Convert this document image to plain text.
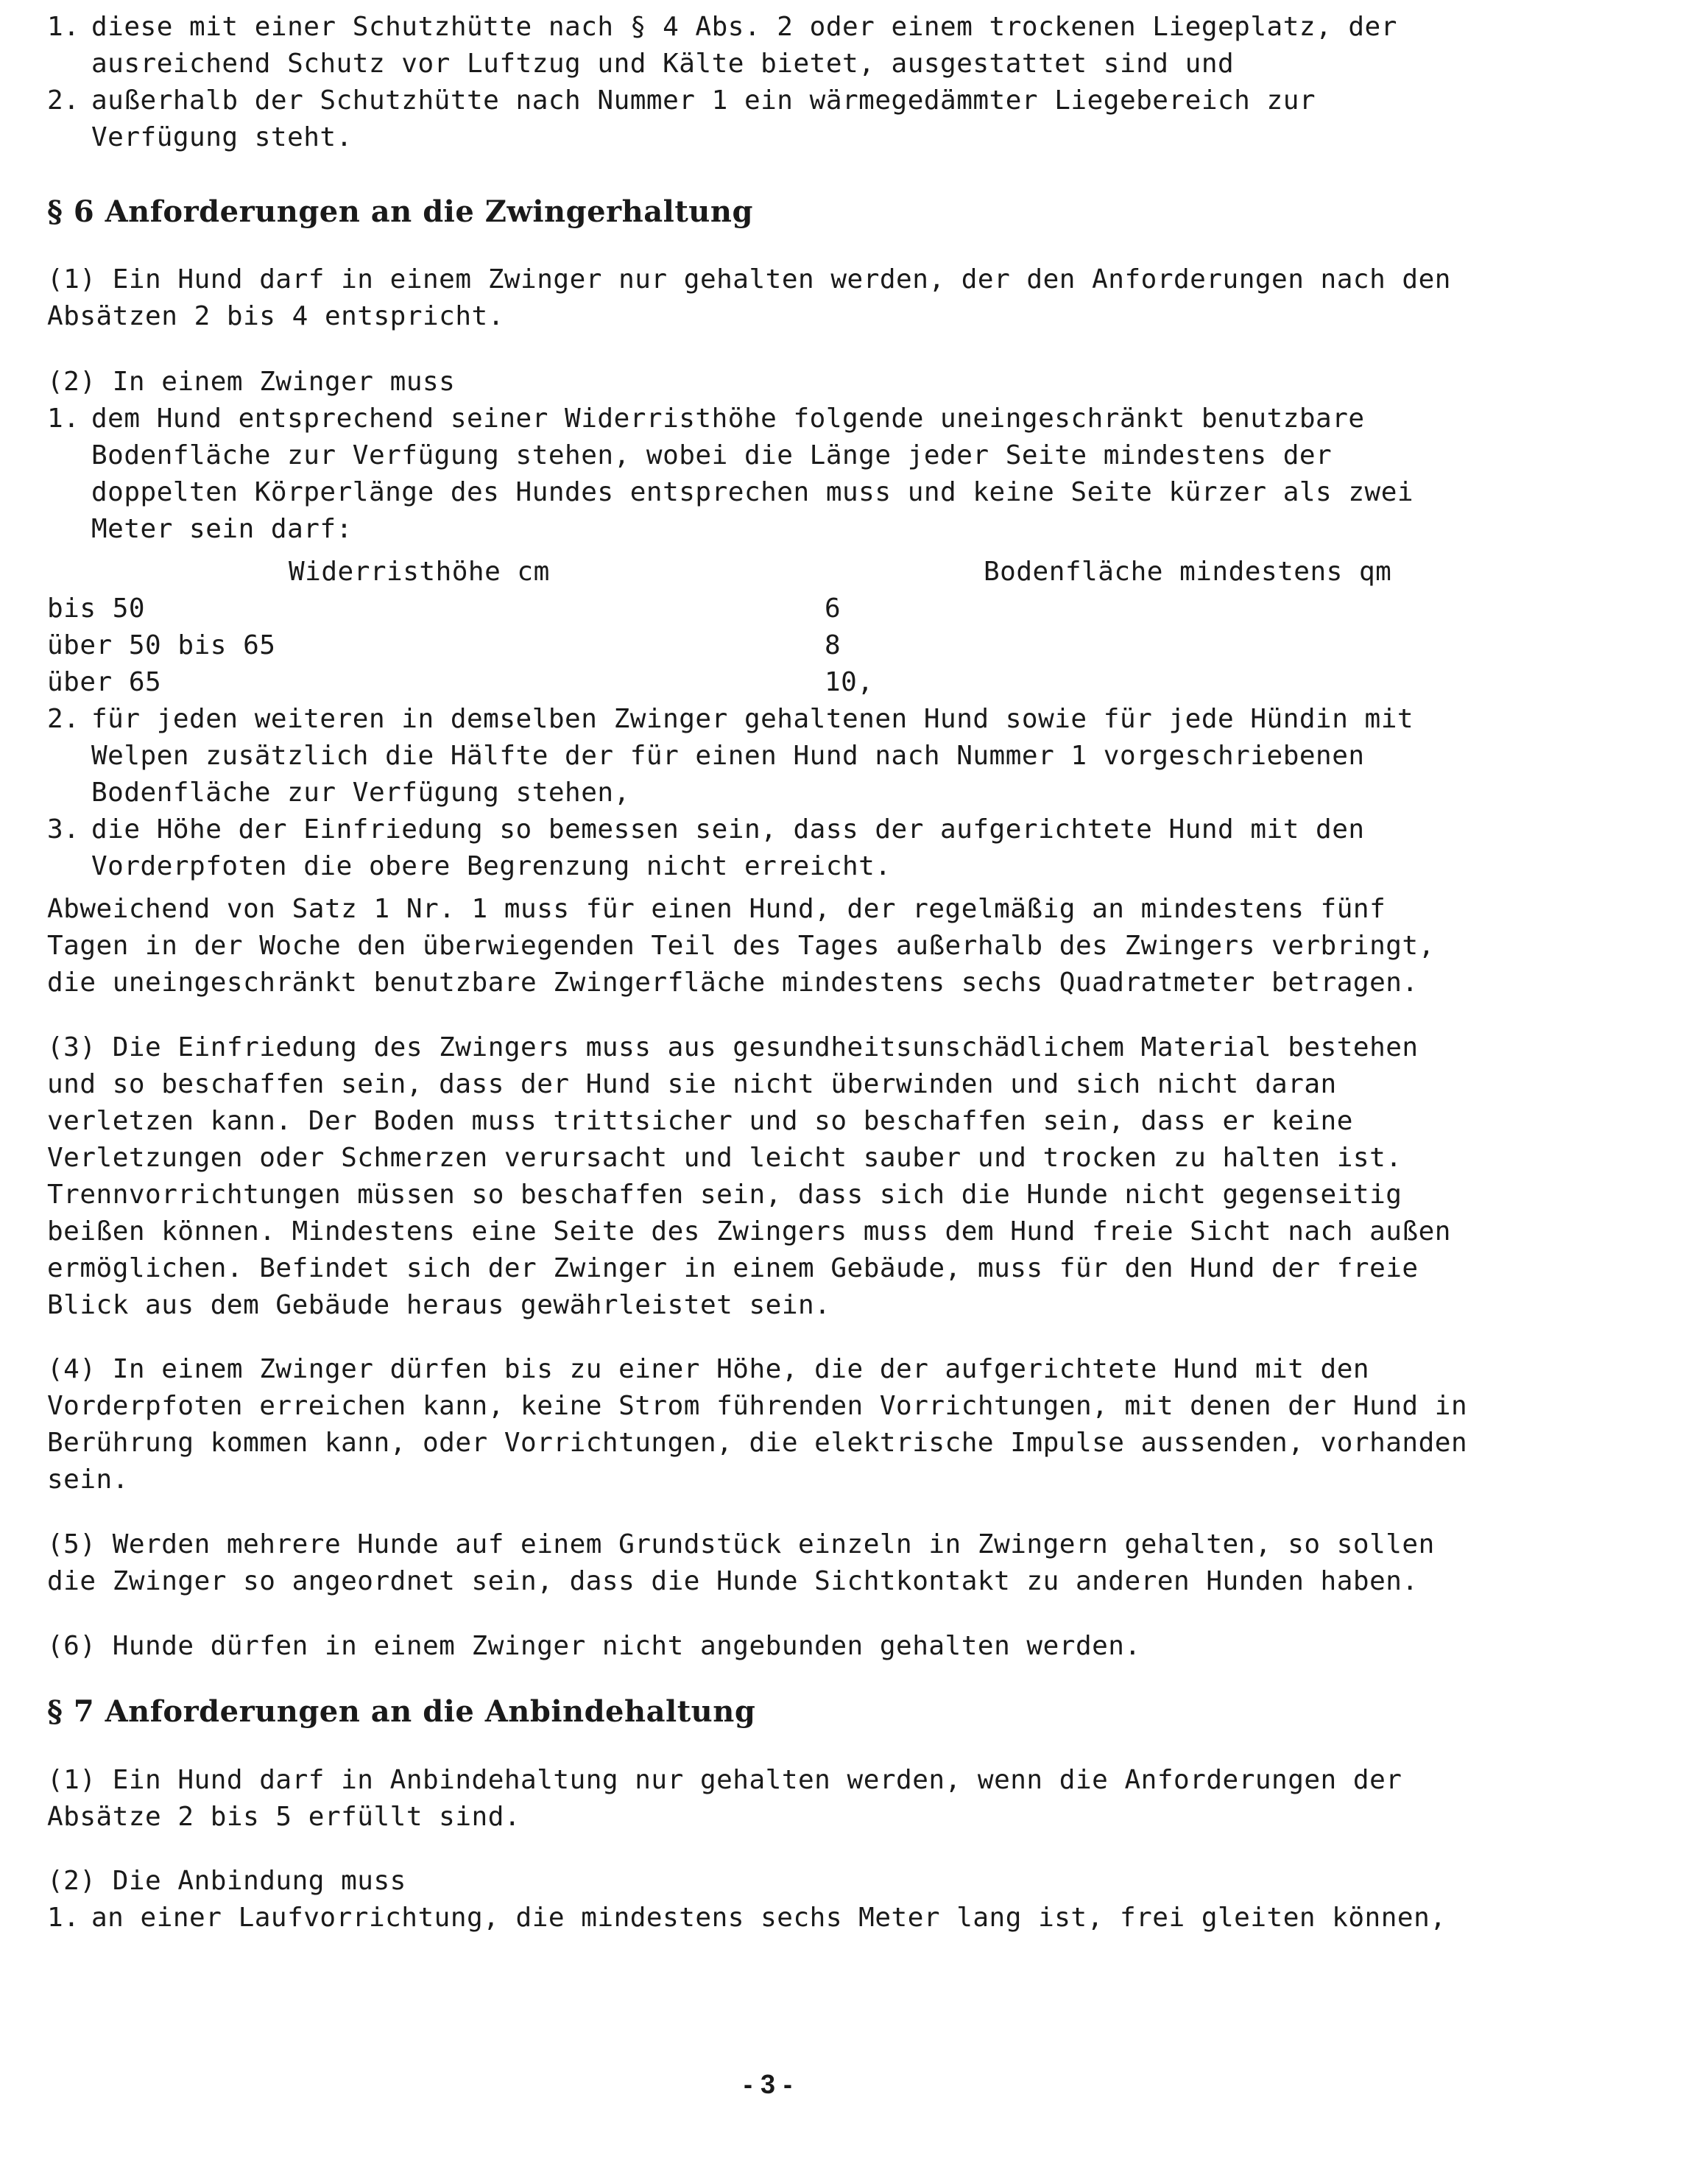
1. diese mit einer Schutzhütte nach § 4 Abs. 2 oder einem trockenen Liegeplatz, der
ausreichend Schutz vor Luftzug und Kälte bietet, ausgestattet sind und
2. außerhalb der Schutzhütte nach Nummer 1 ein wärmegedämmter Liegebereich zur
Verfügung steht.
§ 6 Anforderungen an die Zwingerhaltung
(1) Ein Hund darf in einem Zwinger nur gehalten werden, der den Anforderungen nach den
Absätzen 2 bis 4 entspricht.
(2) In einem Zwinger muss
1. dem Hund entsprechend seiner Widerristhöhe folgende uneingeschränkt benutzbare
Bodenfläche zur Verfügung stehen, wobei die Länge jeder Seite mindestens der
doppelten Körperlänge des Hundes entsprechen muss und keine Seite kürzer als zwei
Meter sein darf:
Widerristhöhe cm	Bodenfläche mindestens qm
bis 50	6
über 50 bis 65	8
über 65	10,
2. für jeden weiteren in demselben Zwinger gehaltenen Hund sowie für jede Hündin mit
Welpen zusätzlich die Hälfte der für einen Hund nach Nummer 1 vorgeschriebenen
Bodenfläche zur Verfügung stehen,
3. die Höhe der Einfriedung so bemessen sein, dass der aufgerichtete Hund mit den
Vorderpfoten die obere Begrenzung nicht erreicht.
Abweichend von Satz 1 Nr. 1 muss für einen Hund, der regelmäßig an mindestens fünf
Tagen in der Woche den überwiegenden Teil des Tages außerhalb des Zwingers verbringt,
die uneingeschränkt benutzbare Zwingerfläche mindestens sechs Quadratmeter betragen.
(3) Die Einfriedung des Zwingers muss aus gesundheitsunschädlichem Material bestehen
und so beschaffen sein, dass der Hund sie nicht überwinden und sich nicht daran
verletzen kann. Der Boden muss trittsicher und so beschaffen sein, dass er keine
Verletzungen oder Schmerzen verursacht und leicht sauber und trocken zu halten ist.
Trennvorrichtungen müssen so beschaffen sein, dass sich die Hunde nicht gegenseitig
beißen können. Mindestens eine Seite des Zwingers muss dem Hund freie Sicht nach außen
ermöglichen. Befindet sich der Zwinger in einem Gebäude, muss für den Hund der freie
Blick aus dem Gebäude heraus gewährleistet sein.
(4) In einem Zwinger dürfen bis zu einer Höhe, die der aufgerichtete Hund mit den
Vorderpfoten erreichen kann, keine Strom führenden Vorrichtungen, mit denen der Hund in
Berührung kommen kann, oder Vorrichtungen, die elektrische Impulse aussenden, vorhanden
sein.
(5) Werden mehrere Hunde auf einem Grundstück einzeln in Zwingern gehalten, so sollen
die Zwinger so angeordnet sein, dass die Hunde Sichtkontakt zu anderen Hunden haben.
(6) Hunde dürfen in einem Zwinger nicht angebunden gehalten werden.
§ 7 Anforderungen an die Anbindehaltung
(1) Ein Hund darf in Anbindehaltung nur gehalten werden, wenn die Anforderungen der
Absätze 2 bis 5 erfüllt sind.
(2) Die Anbindung muss
1. an einer Laufvorrichtung, die mindestens sechs Meter lang ist, frei gleiten können,
- 3 -
